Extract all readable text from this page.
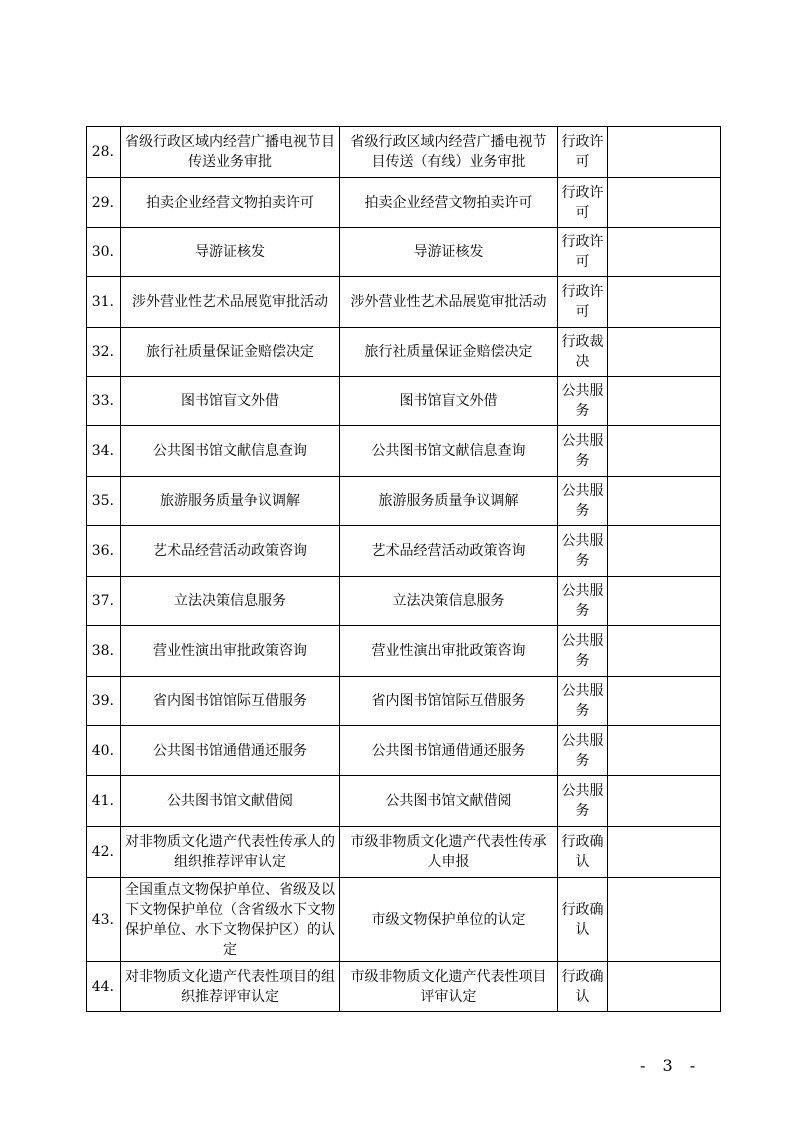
28.	省级行政区域内经营广播电视节目传送业务审批	省级行政区域内经营广播电视节目传送（有线）业务审批	行政许可	
29.	拍卖企业经营文物拍卖许可	拍卖企业经营文物拍卖许可	行政许可	
30.	导游证核发	导游证核发	行政许可	
31.	涉外营业性艺术品展览审批活动	涉外营业性艺术品展览审批活动	行政许可	
32.	旅行社质量保证金赔偿决定	旅行社质量保证金赔偿决定	行政裁决	
33.	图书馆盲文外借	图书馆盲文外借	公共服务	
34.	公共图书馆文献信息查询	公共图书馆文献信息查询	公共服务	
35.	旅游服务质量争议调解	旅游服务质量争议调解	公共服务	
36.	艺术品经营活动政策咨询	艺术品经营活动政策咨询	公共服务	
37.	立法决策信息服务	立法决策信息服务	公共服务	
38.	营业性演出审批政策咨询	营业性演出审批政策咨询	公共服务	
39.	省内图书馆馆际互借服务	省内图书馆馆际互借服务	公共服务	
40.	公共图书馆通借通还服务	公共图书馆通借通还服务	公共服务	
41.	公共图书馆文献借阅	公共图书馆文献借阅	公共服务	
42.	对非物质文化遗产代表性传承人的组织推荐评审认定	市级非物质文化遗产代表性传承人申报	行政确认	
43.	全国重点文物保护单位、省级及以下文物保护单位（含省级水下文物保护单位、水下文物保护区）的认定	市级文物保护单位的认定	行政确认	
44.	对非物质文化遗产代表性项目的组织推荐评审认定	市级非物质文化遗产代表性项目评审认定	行政确认	
- 3 -
